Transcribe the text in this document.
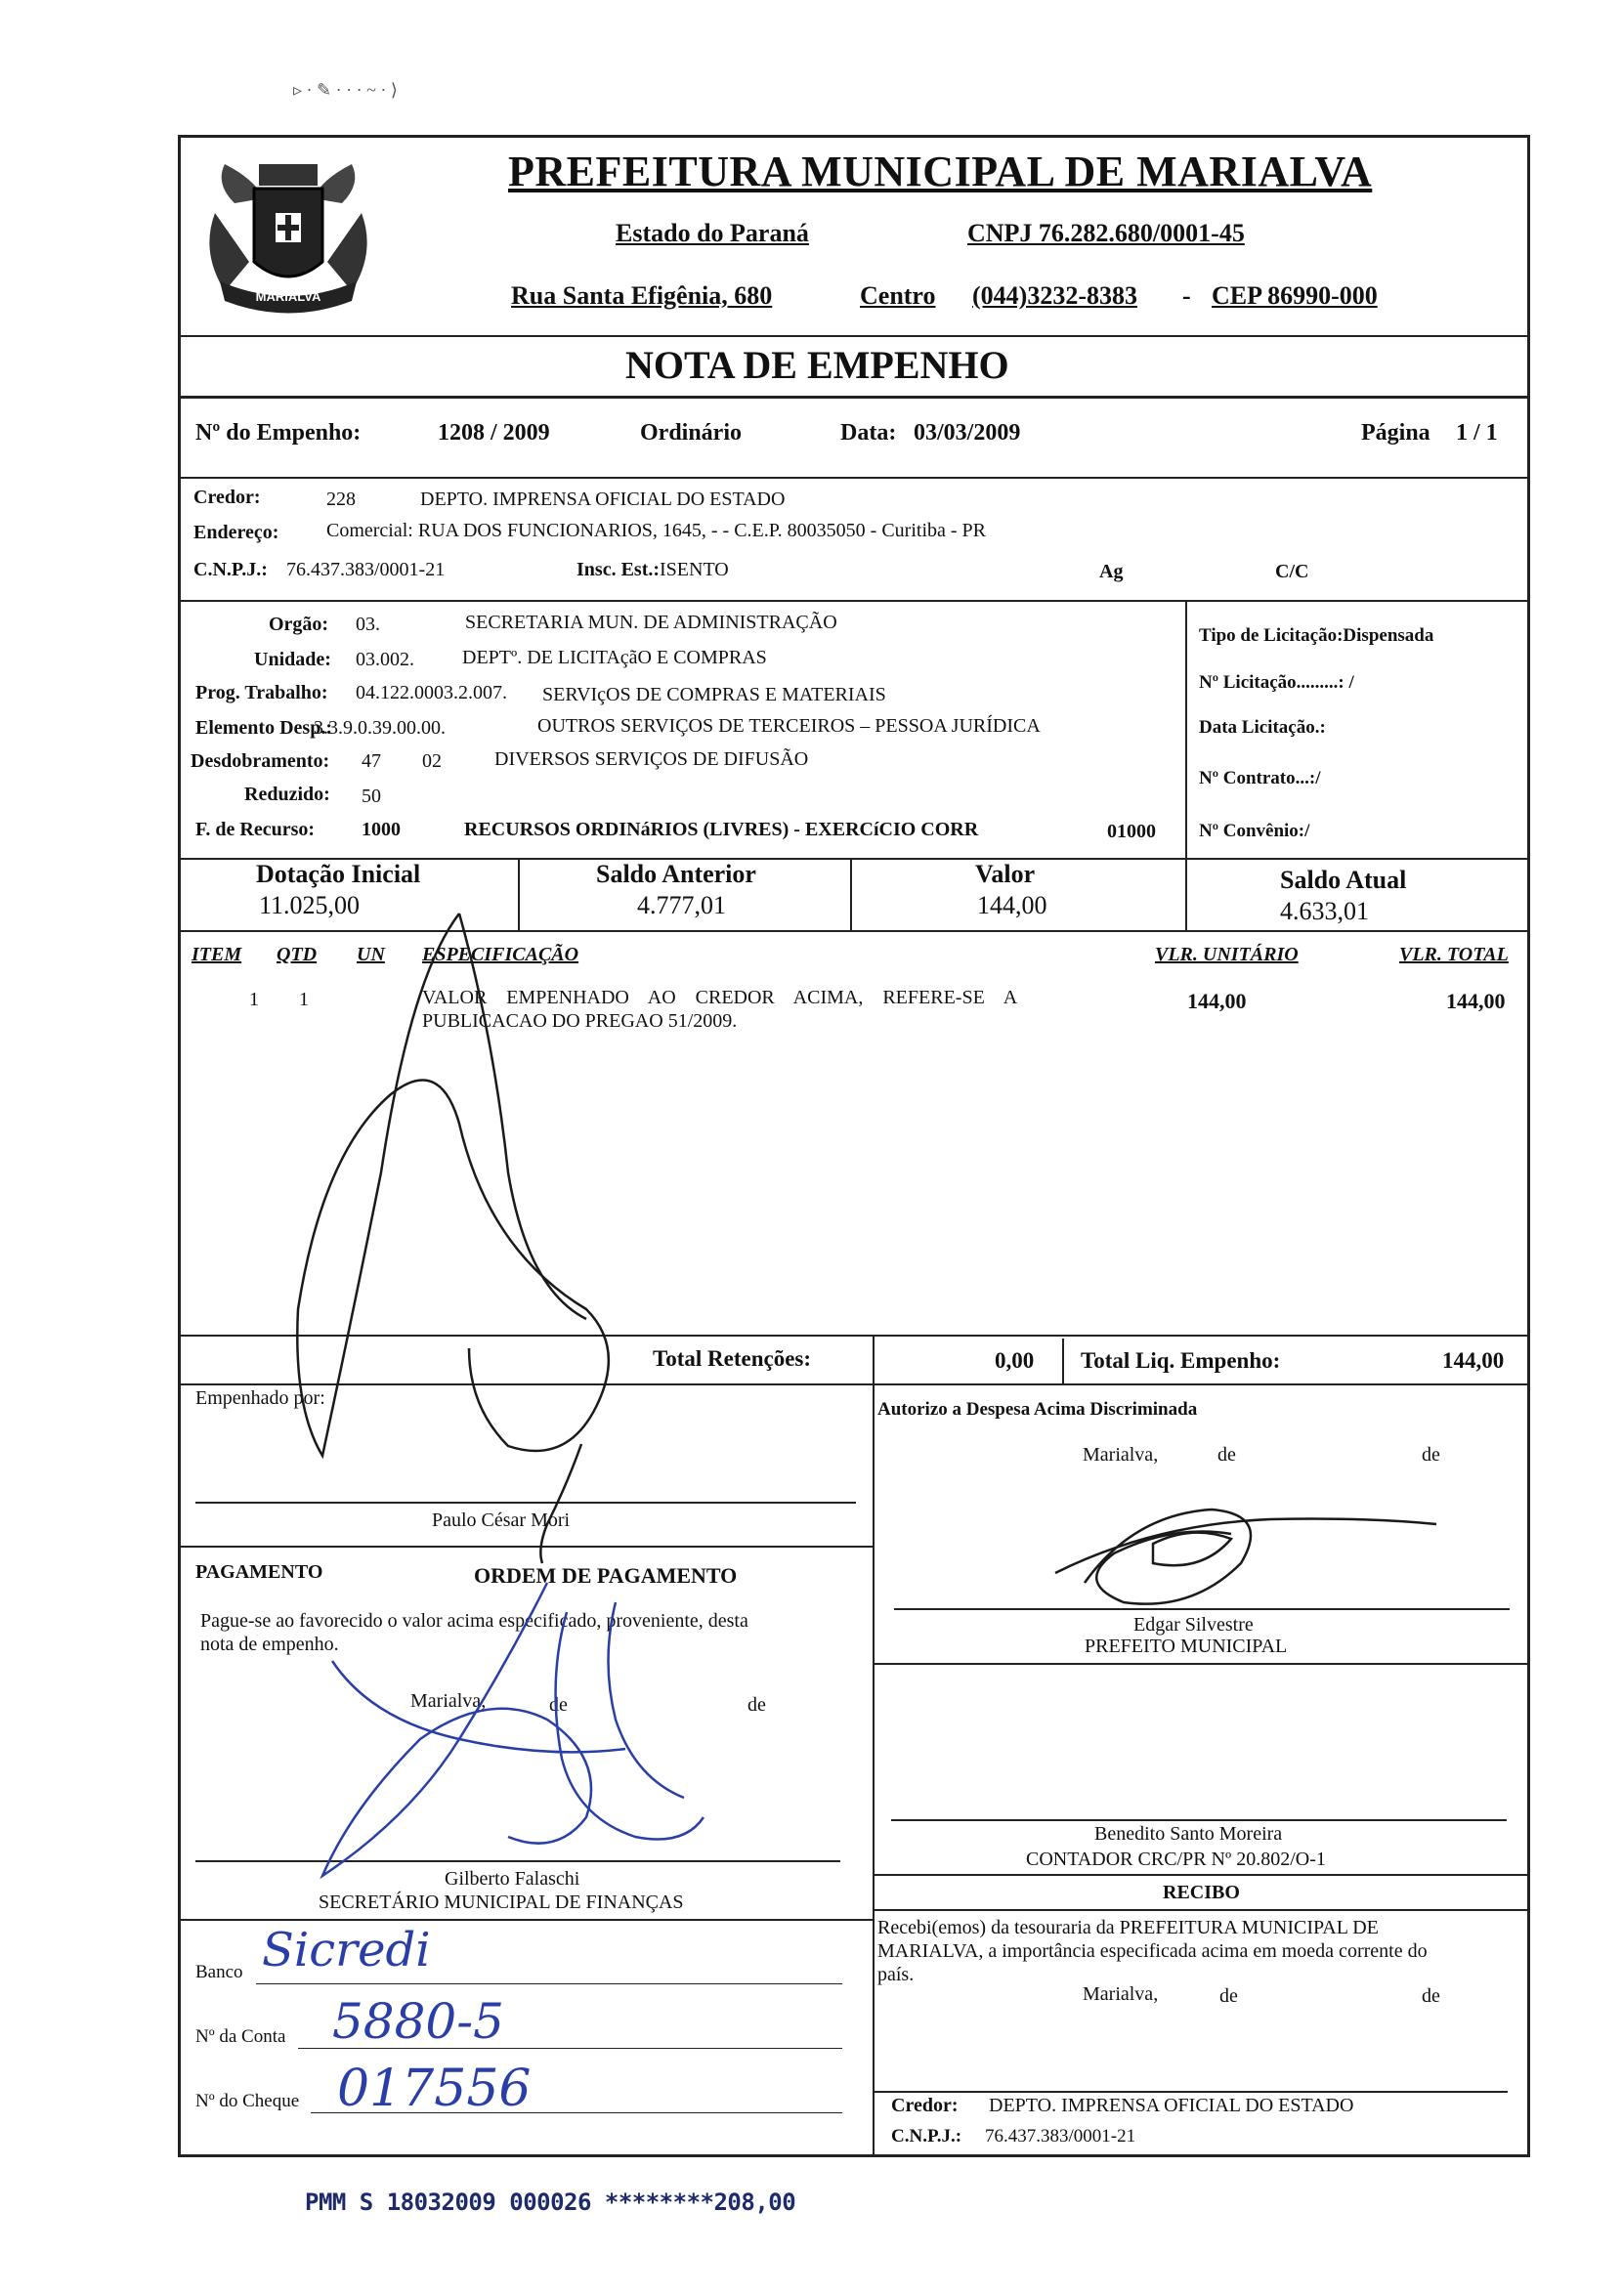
▹ · ✎ · · · ~ · ⟩
MARIALVA
PREFEITURA MUNICIPAL DE MARIALVA
Estado do Paraná	CNPJ 76.282.680/0001-45
Rua Santa Efigênia, 680	Centro (044)3232-8383 - CEP 86990-000
NOTA DE EMPENHO
Nº do Empenho:	1208 / 2009	Ordinário	Data: 03/03/2009	Página 1 / 1
Credor:	228	DEPTO. IMPRENSA OFICIAL DO ESTADO
Endereço: Comercial: RUA DOS FUNCIONARIOS, 1645, - - C.E.P. 80035050 - Curitiba - PR
C.N.P.J.: 76.437.383/0001-21	Insc. Est.: ISENTO	Ag	C/C
Orgão: 03.	SECRETARIA MUN. DE ADMINISTRAÇÃO
Unidade: 03.002. DEPTº. DE LICITAçãO E COMPRAS
Prog. Trabalho: 04.122.0003.2.007. SERVIçOS DE COMPRAS E MATERIAIS
Elemento Desp.:
3.3.9.0.39.00.00.	OUTROS SERVIÇOS DE TERCEIROS – PESSOA JURÍDICA
Desdobramento: 47 02	DIVERSOS SERVIÇOS DE DIFUSÃO
Reduzido: 50
F. de Recurso: 1000	RECURSOS ORDINáRIOS (LIVRES) - EXERCíCIO CORR	01000
Tipo de Licitação:Dispensada
Nº Licitação.........: /
Data Licitação.:
Nº Contrato...:/
Nº Convênio:/
Dotação Inicial
11.025,00
Saldo Anterior
4.777,01
Valor
144,00
Saldo Atual
4.633,01
ITEM QTD UN ESPECIFICAÇÃO	VLR. UNITÁRIO	VLR. TOTAL
1 1	VALOR    EMPENHADO    AO    CREDOR    ACIMA,    REFERE-SE    A
PUBLICACAO DO PREGAO 51/2009.
144,00	144,00
Total Retenções:	0,00 Total Liq. Empenho:	144,00
Empenhado por:
Paulo César Mori
Autorizo a Despesa Acima Discriminada
Marialva,	de	de
Edgar Silvestre
PREFEITO MUNICIPAL
PAGAMENTO	ORDEM DE PAGAMENTO
Pague-se ao favorecido o valor acima especificado, proveniente, desta
nota de empenho.
Marialva,	de	de
Gilberto Falaschi
SECRETÁRIO MUNICIPAL DE FINANÇAS
Banco Sicredi
Nº da Conta 5880-5
Nº do Cheque 017556
Benedito Santo Moreira
CONTADOR CRC/PR Nº 20.802/O-1
RECIBO
Recebi(emos) da tesouraria da PREFEITURA MUNICIPAL DE
MARIALVA, a importância especificada acima em moeda corrente do
país.
Marialva,	de	de
Credor: DEPTO. IMPRENSA OFICIAL DO ESTADO
C.N.P.J.: 76.437.383/0001-21
PMM S 18032009 000026 ********208,00
